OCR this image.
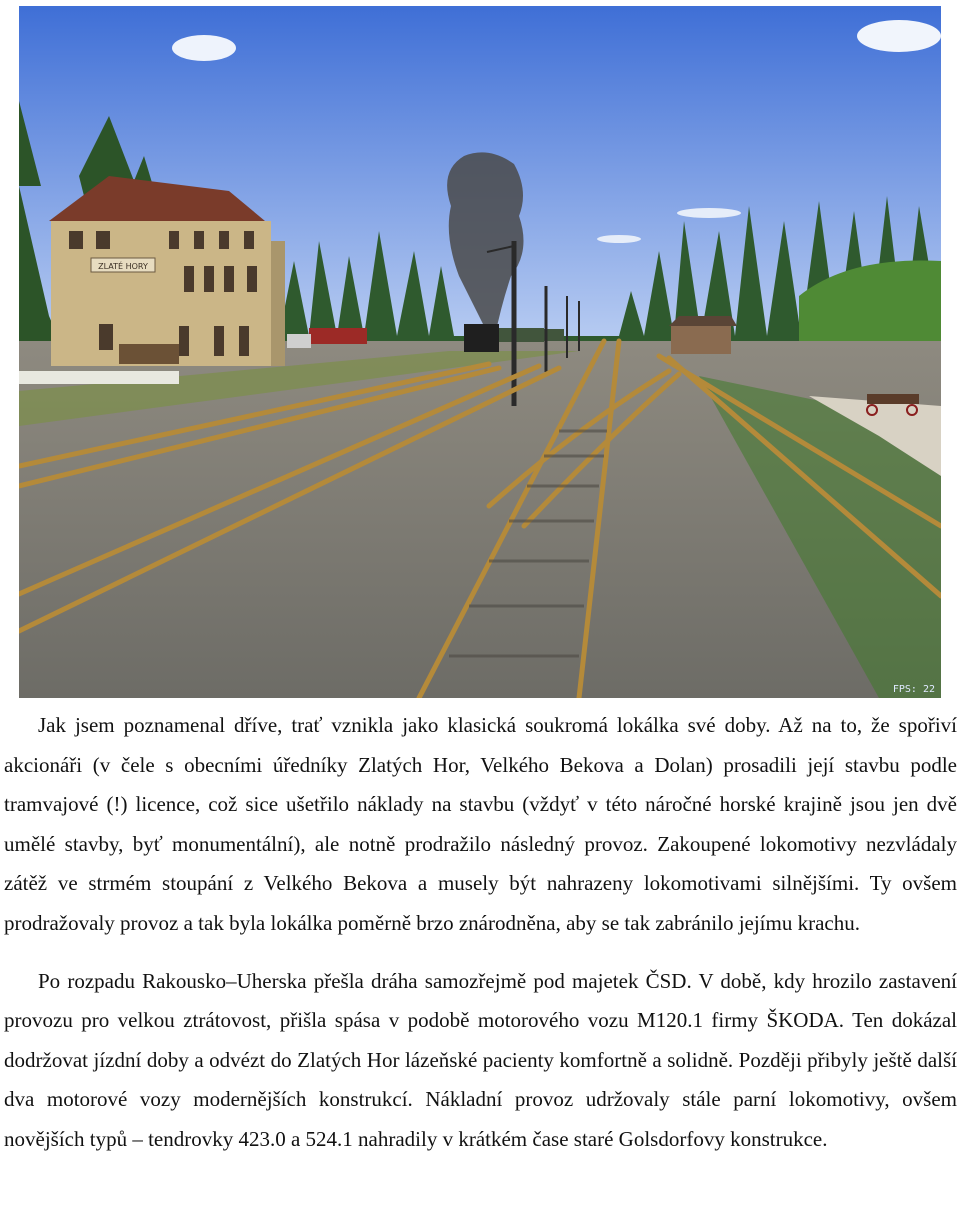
ZLATÉ HORY
FPS: 22

Jak jsem poznamenal dříve, trať vznikla jako klasická soukromá lokálka své doby. Až na to, že spořiví akcionáři (v čele s obecními úředníky Zlatých Hor, Velkého Bekova a Dolan) prosadili její stavbu podle tramvajové (!) licence, což sice ušetřilo náklady na stavbu (vždyť v této náročné horské krajině jsou jen dvě umělé stavby, byť monumentální), ale notně prodražilo následný provoz. Zakoupené lokomotivy nezvládaly zátěž ve strmém stoupání z Velkého Bekova a musely být nahrazeny lokomotivami silnějšími. Ty ovšem prodražovaly provoz a tak byla lokálka poměrně brzo znárodněna, aby se tak zabránilo jejímu krachu.

Po rozpadu Rakousko–Uherska přešla dráha samozřejmě pod majetek ČSD. V době, kdy hrozilo zastavení provozu pro velkou ztrátovost, přišla spása v podobě motorového vozu M120.1 firmy ŠKODA. Ten dokázal dodržovat jízdní doby a odvézt do Zlatých Hor lázeňské pacienty komfortně a solidně. Později přibyly ještě další dva motorové vozy modernějších konstrukcí. Nákladní provoz udržovaly stále parní lokomotivy, ovšem novějších typů – tendrovky 423.0 a 524.1 nahradily v krátkém čase staré Golsdorfovy konstrukce.
